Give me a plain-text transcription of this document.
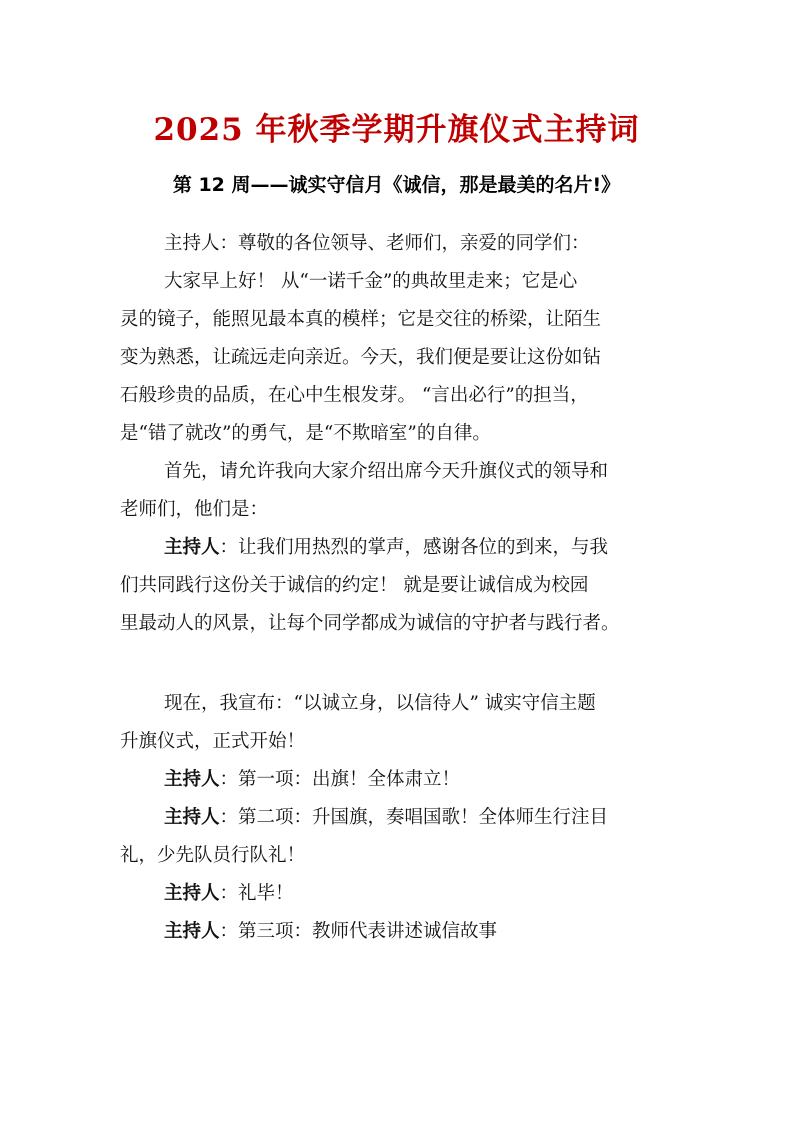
2025 年秋季学期升旗仪式主持词
第 12 周——诚实守信月《诚信，那是最美的名片!》
主持人：尊敬的各位领导、老师们，亲爱的同学们：
大家早上好！ 从“一诺千金”的典故里走来；它是心
灵的镜子，能照见最本真的模样；它是交往的桥梁，让陌生
变为熟悉，让疏远走向亲近。今天，我们便是要让这份如钻
石般珍贵的品质，在心中生根发芽。 “言出必行”的担当，
是“错了就改”的勇气，是“不欺暗室”的自律。
首先，请允许我向大家介绍出席今天升旗仪式的领导和
老师们，他们是：
主持人：让我们用热烈的掌声，感谢各位的到来，与我
们共同践行这份关于诚信的约定！ 就是要让诚信成为校园
里最动人的风景，让每个同学都成为诚信的守护者与践行者。
现在，我宣布：“以诚立身，以信待人” 诚实守信主题
升旗仪式，正式开始！
主持人：第一项：出旗！全体肃立！
主持人：第二项：升国旗，奏唱国歌！全体师生行注目
礼，少先队员行队礼！
主持人：礼毕！
主持人：第三项：教师代表讲述诚信故事
